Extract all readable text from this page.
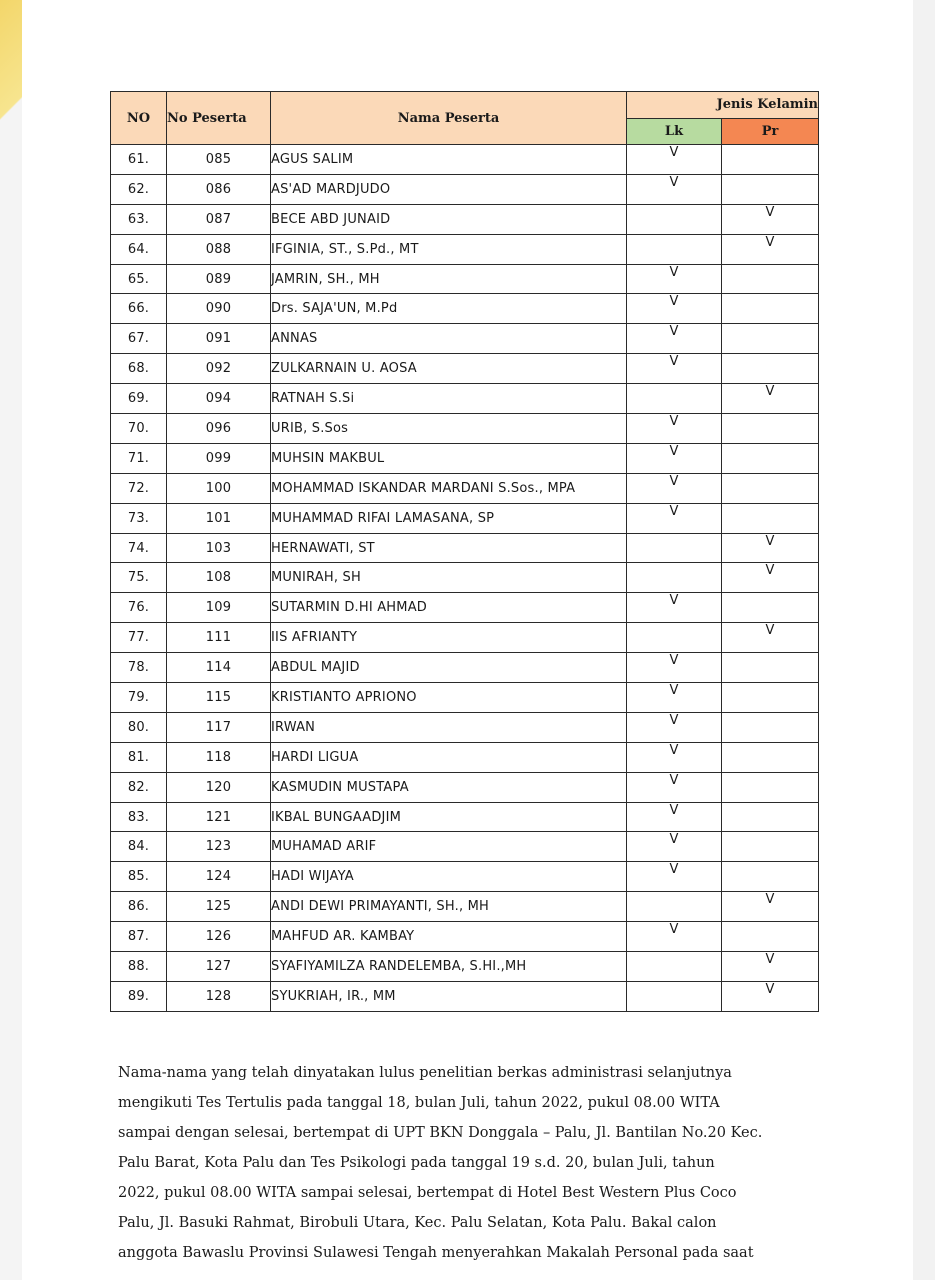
NO	No Peserta	Nama Peserta	Jenis Kelamin	
			Lk	Pr
61.	085	AGUS SALIM	V	
62.	086	AS'AD MARDJUDO	V	
63.	087	BECE ABD JUNAID		V
64.	088	IFGINIA, ST., S.Pd., MT		V
65.	089	JAMRIN, SH., MH	V	
66.	090	Drs. SAJA'UN, M.Pd	V	
67.	091	ANNAS	V	
68.	092	ZULKARNAIN U. AOSA	V	
69.	094	RATNAH S.Si		V
70.	096	URIB, S.Sos	V	
71.	099	MUHSIN MAKBUL	V	
72.	100	MOHAMMAD ISKANDAR MARDANI S.Sos., MPA	V	
73.	101	MUHAMMAD RIFAI LAMASANA, SP	V	
74.	103	HERNAWATI, ST		V
75.	108	MUNIRAH, SH		V
76.	109	SUTARMIN D.HI AHMAD	V	
77.	111	IIS AFRIANTY		V
78.	114	ABDUL MAJID	V	
79.	115	KRISTIANTO APRIONO	V	
80.	117	IRWAN	V	
81.	118	HARDI LIGUA	V	
82.	120	KASMUDIN MUSTAPA	V	
83.	121	IKBAL BUNGAADJIM	V	
84.	123	MUHAMAD ARIF	V	
85.	124	HADI WIJAYA	V	
86.	125	ANDI DEWI PRIMAYANTI, SH., MH		V
87.	126	MAHFUD AR. KAMBAY	V	
88.	127	SYAFIYAMILZA RANDELEMBA, S.HI.,MH		V
89.	128	SYUKRIAH, IR., MM		V
Nama-nama yang telah dinyatakan lulus penelitian berkas administrasi selanjutnya
mengikuti Tes Tertulis pada tanggal 18, bulan Juli, tahun 2022, pukul 08.00 WITA
sampai dengan selesai, bertempat di UPT BKN Donggala – Palu, Jl. Bantilan No.20 Kec.
Palu Barat, Kota Palu dan Tes Psikologi pada tanggal 19 s.d. 20, bulan Juli, tahun
2022, pukul 08.00 WITA sampai selesai, bertempat di Hotel Best Western Plus Coco
Palu, Jl. Basuki Rahmat, Birobuli Utara, Kec. Palu Selatan, Kota Palu. Bakal calon
anggota Bawaslu Provinsi Sulawesi Tengah menyerahkan Makalah Personal pada saat
